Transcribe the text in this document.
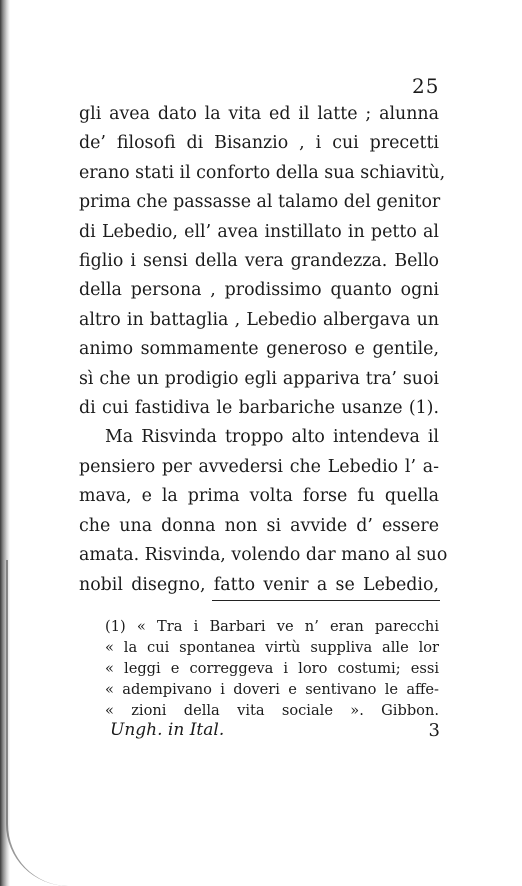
25
gli avea dato la vita ed il latte ; alunna
de’ filosofi di Bisanzio , i cui precetti
erano stati il conforto della sua schiavitù,
prima che passasse al talamo del genitor
di Lebedio, ell’ avea instillato in petto al
figlio i sensi della vera grandezza. Bello
della persona , prodissimo quanto ogni
altro in battaglia , Lebedio albergava un
animo sommamente generoso e gentile,
sì che un prodigio egli appariva tra’ suoi
di cui fastidiva le barbariche usanze (1).
Ma Risvinda troppo alto intendeva il
pensiero per avvedersi che Lebedio l’ a-
mava, e la prima volta forse fu quella
che una donna non si avvide d’ essere
amata. Risvinda, volendo dar mano al suo
nobil disegno, fatto venir a se Lebedio,
(1) « Tra i Barbari ve n’ eran parecchi
« la cui spontanea virtù suppliva alle lor
« leggi e correggeva i loro costumi; essi
« adempivano i doveri e sentivano le affe-
« zioni della vita sociale ». Gibbon.
Ungh. in Ital.	3
